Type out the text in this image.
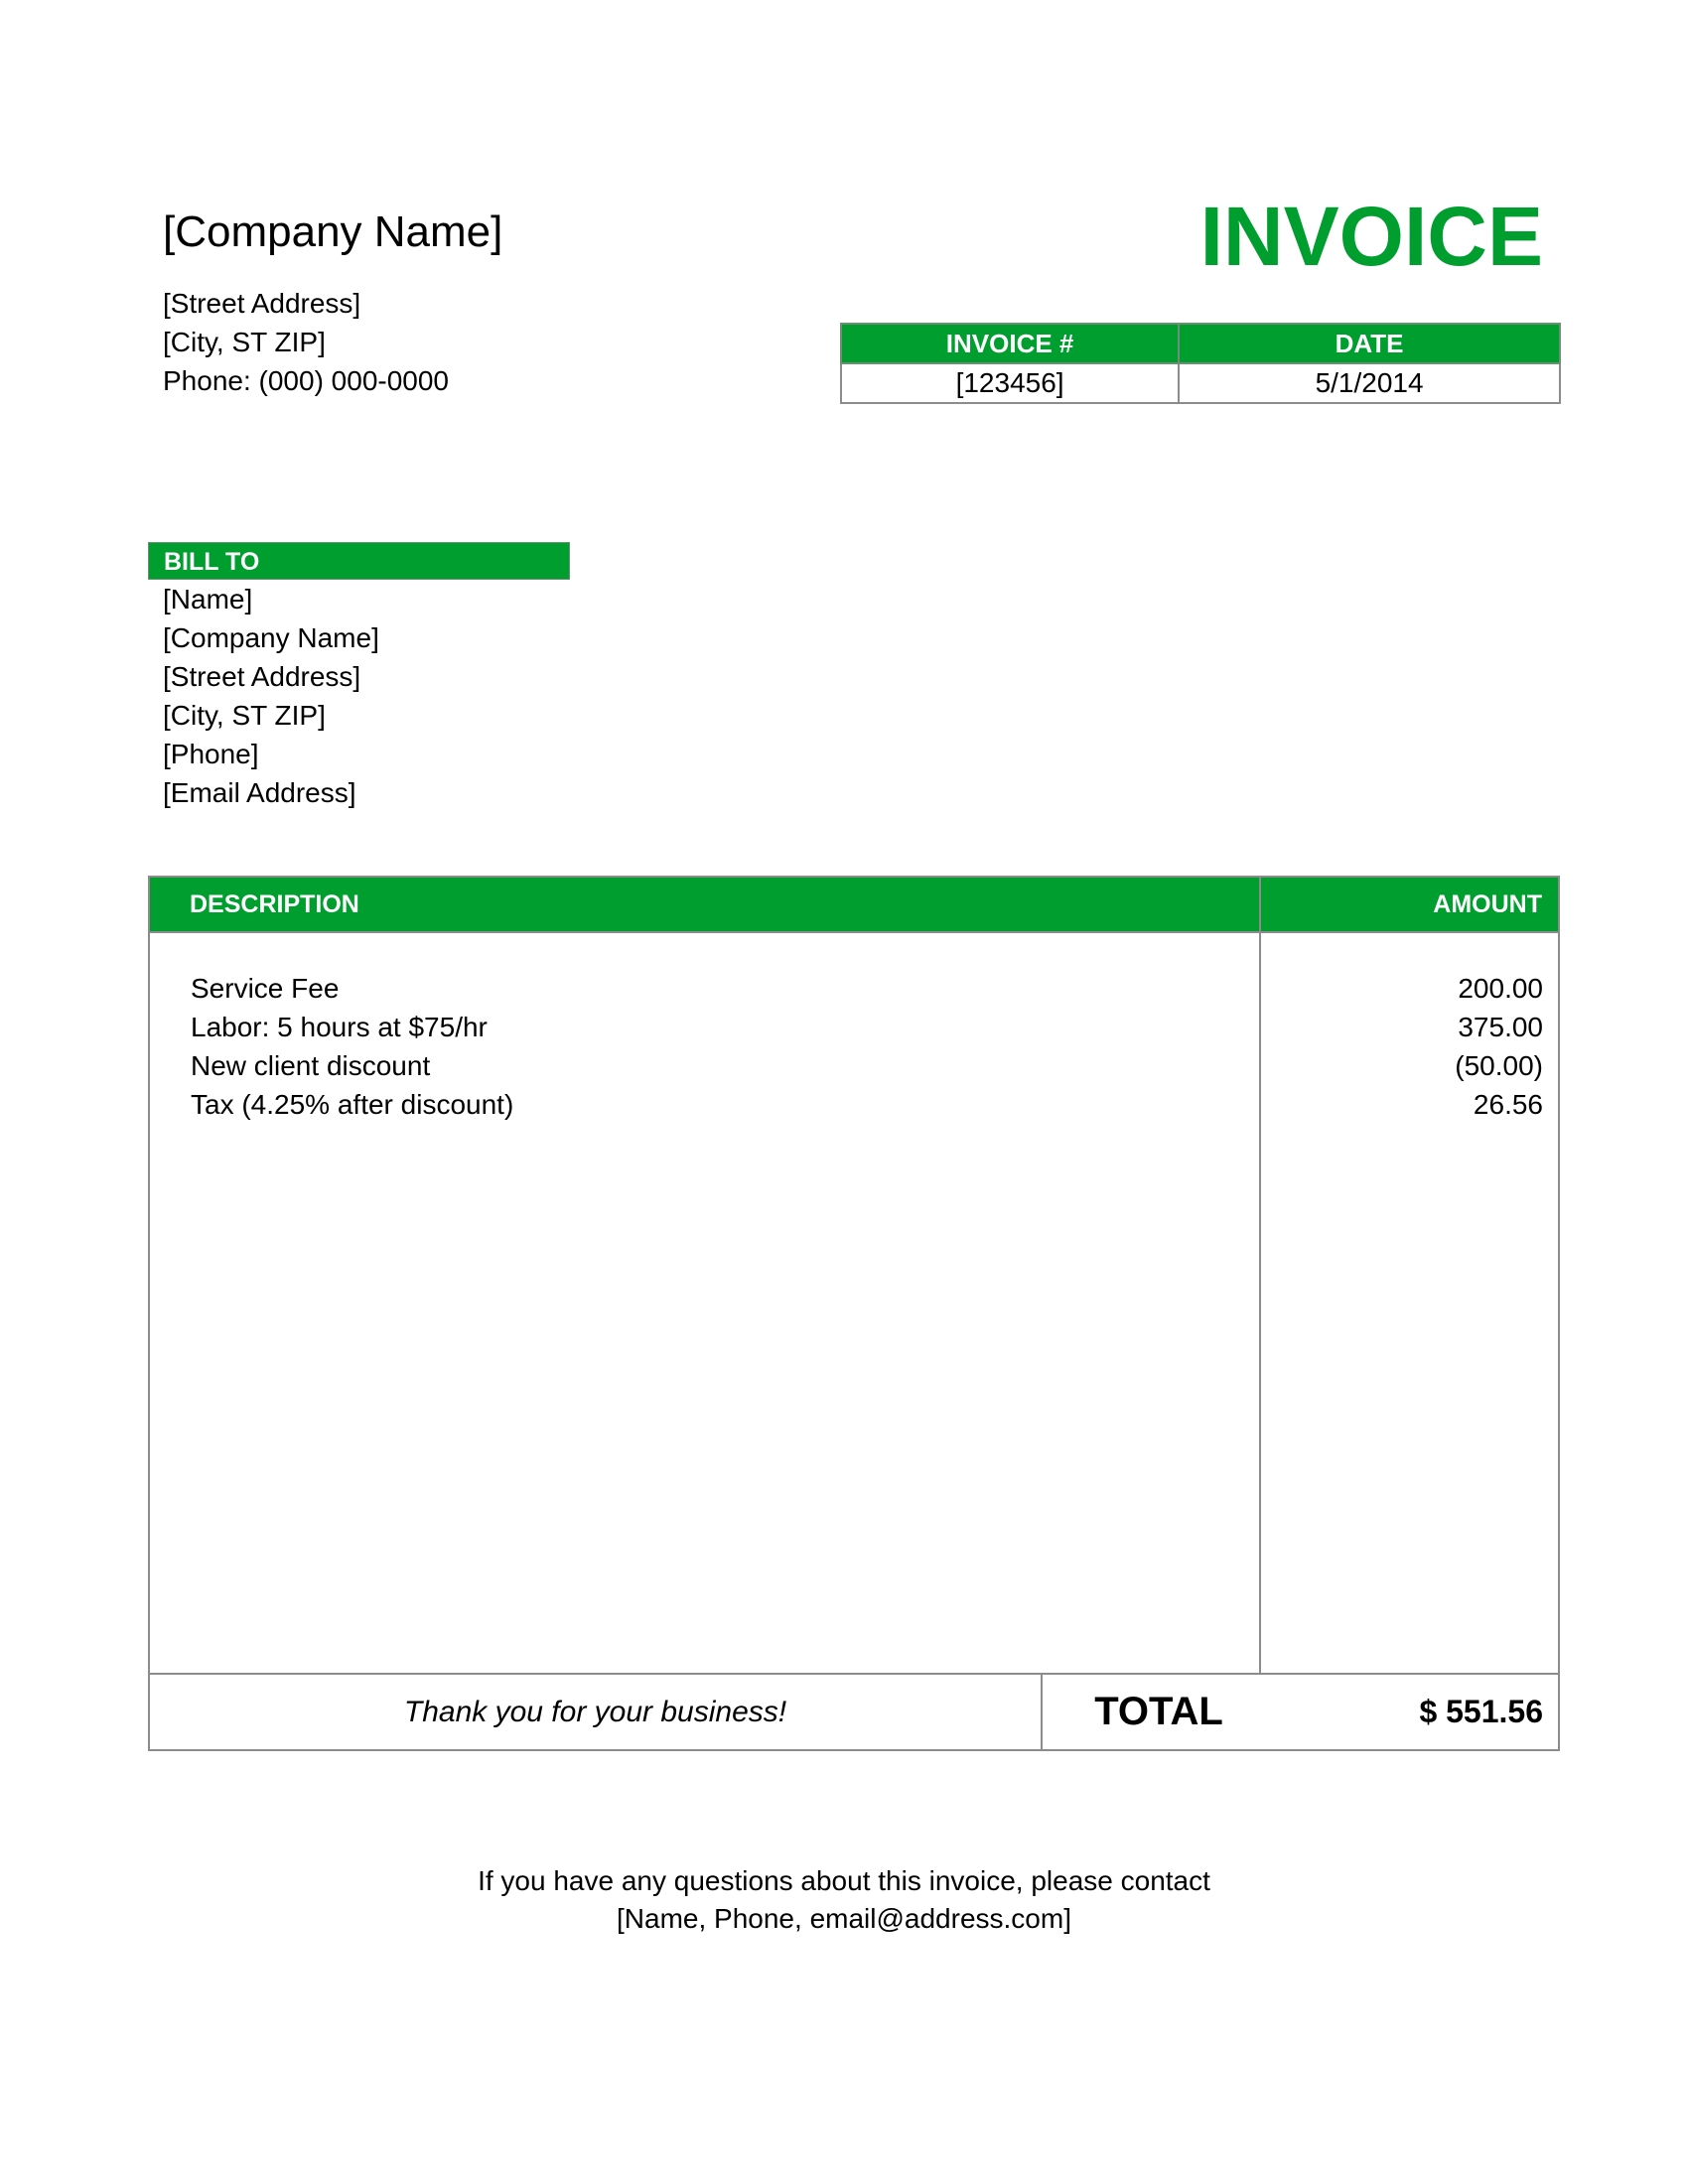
[Company Name]
[Street Address]
[City, ST ZIP]
Phone: (000) 000-0000
INVOICE
INVOICE #	DATE
[123456]	5/1/2014
BILL TO
[Name]
[Company Name]
[Street Address]
[City, ST ZIP]
[Phone]
[Email Address]
DESCRIPTION	AMOUNT
Service Fee	200.00
Labor: 5 hours at $75/hr	375.00
New client discount	(50.00)
Tax (4.25% after discount)	26.56
Thank you for your business!	TOTAL	$ 551.56
If you have any questions about this invoice, please contact
[Name, Phone, email@address.com]
